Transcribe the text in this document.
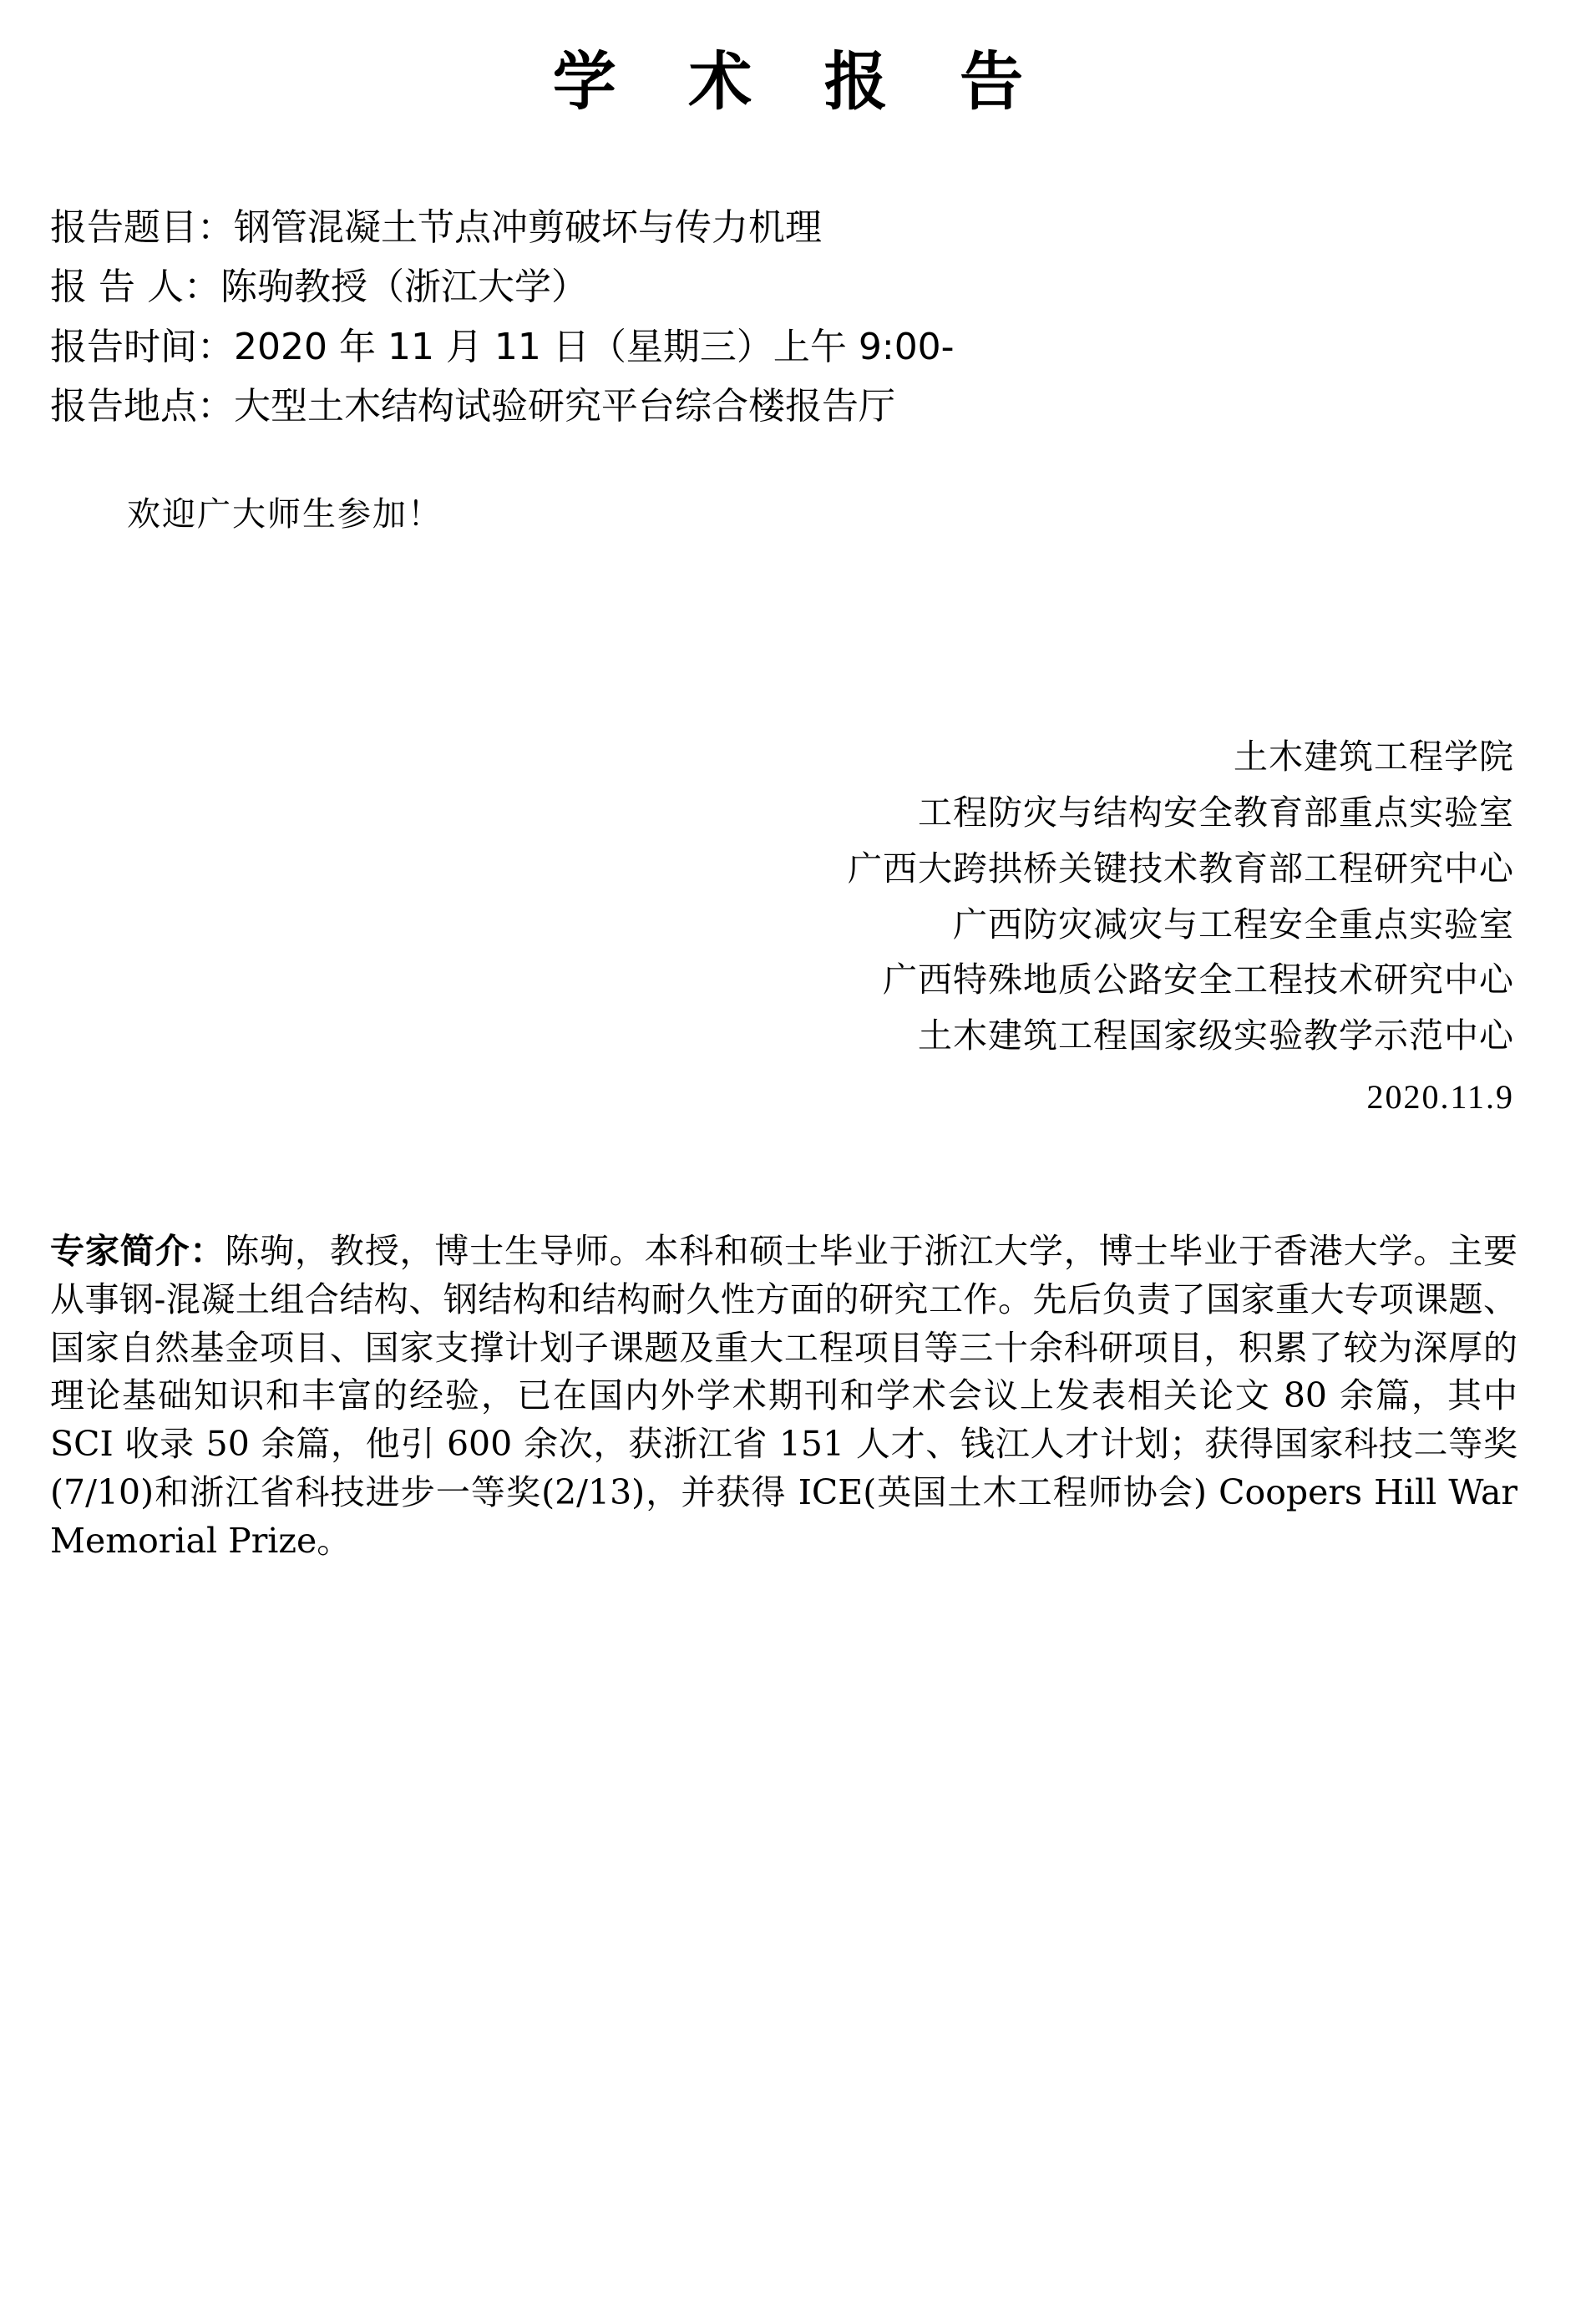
学 术 报 告
报告题目：钢管混凝土节点冲剪破坏与传力机理
报 告 人：陈驹教授（浙江大学）
报告时间：2020 年 11 月 11 日（星期三）上午 9:00-
报告地点：大型土木结构试验研究平台综合楼报告厅
欢迎广大师生参加！
土木建筑工程学院
工程防灾与结构安全教育部重点实验室
广西大跨拱桥关键技术教育部工程研究中心
广西防灾减灾与工程安全重点实验室
广西特殊地质公路安全工程技术研究中心
土木建筑工程国家级实验教学示范中心
2020.11.9

专家简介：陈驹，教授，博士生导师。本科和硕士毕业于浙江大学，博士毕业于香港大学。主要从事钢-混凝土组合结构、钢结构和结构耐久性方面的研究工作。先后负责了国家重大专项课题、国家自然基金项目、国家支撑计划子课题及重大工程项目等三十余科研项目，积累了较为深厚的理论基础知识和丰富的经验，已在国内外学术期刊和学术会议上发表相关论文 80 余篇，其中 SCI 收录 50 余篇，他引 600 余次，获浙江省 151 人才、钱江人才计划；获得国家科技二等奖(7/10)和浙江省科技进步一等奖(2/13)，并获得 ICE(英国土木工程师协会) Coopers Hill War Memorial Prize。
